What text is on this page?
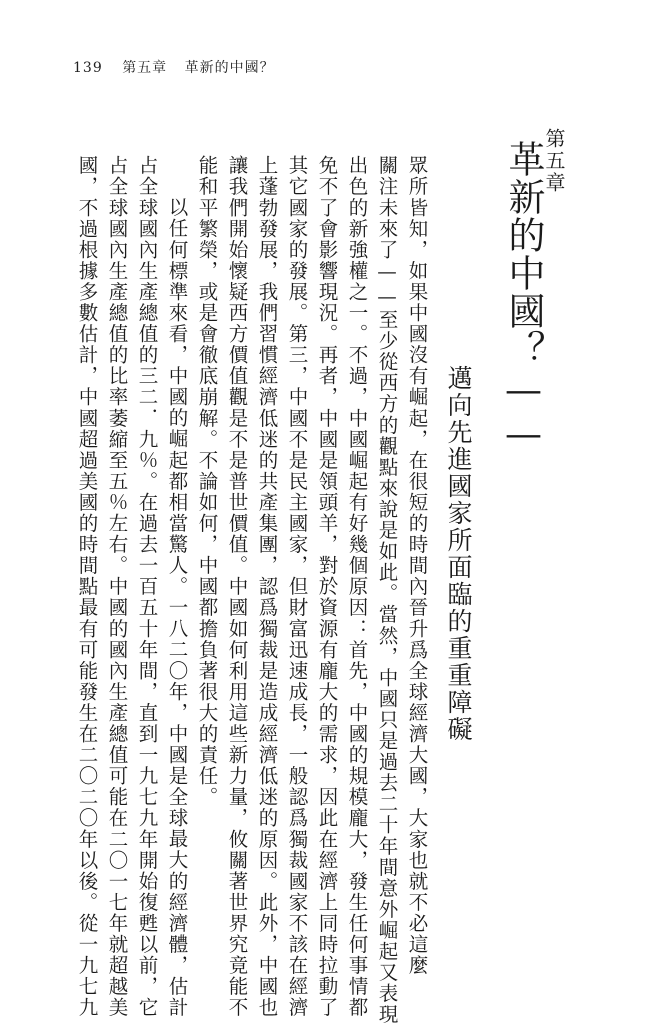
139 第五章 革新的中國？
第五章
革新的中國？——
邁向先進國家所面臨的重重障礙
眾所皆知，如果中國沒有崛起，在很短的時間內晉升爲全球經濟大國，大家也就不必這麼
關注未來了——至少從西方的觀點來說是如此。當然，中國只是過去二十年間意外崛起又表現
出色的新強權之一。不過，中國崛起有好幾個原因：首先，中國的規模龐大，發生任何事情都
免不了會影響現況。再者，中國是領頭羊，對於資源有龐大的需求，因此在經濟上同時拉動了
其它國家的發展。第三，中國不是民主國家，但財富迅速成長，一般認爲獨裁國家不該在經濟
上蓬勃發展，我們習慣經濟低迷的共產集團，認爲獨裁是造成經濟低迷的原因。此外，中國也
讓我們開始懷疑西方價值觀是不是普世價值。中國如何利用這些新力量，攸關著世界究竟能不
能和平繁榮，或是會徹底崩解。不論如何，中國都擔負著很大的責任。
以任何標準來看，中國的崛起都相當驚人。一八二〇年，中國是全球最大的經濟體，估計
占全球國內生產總值的三二．九％。在過去一百五十年間，直到一九七九年開始復甦以前，它
占全球國內生產總值的比率萎縮至五％左右。中國的國內生產總值可能在二〇一七年就超越美
國，不過根據多數估計，中國超過美國的時間點最有可能發生在二〇二〇年以後。從一九七九
